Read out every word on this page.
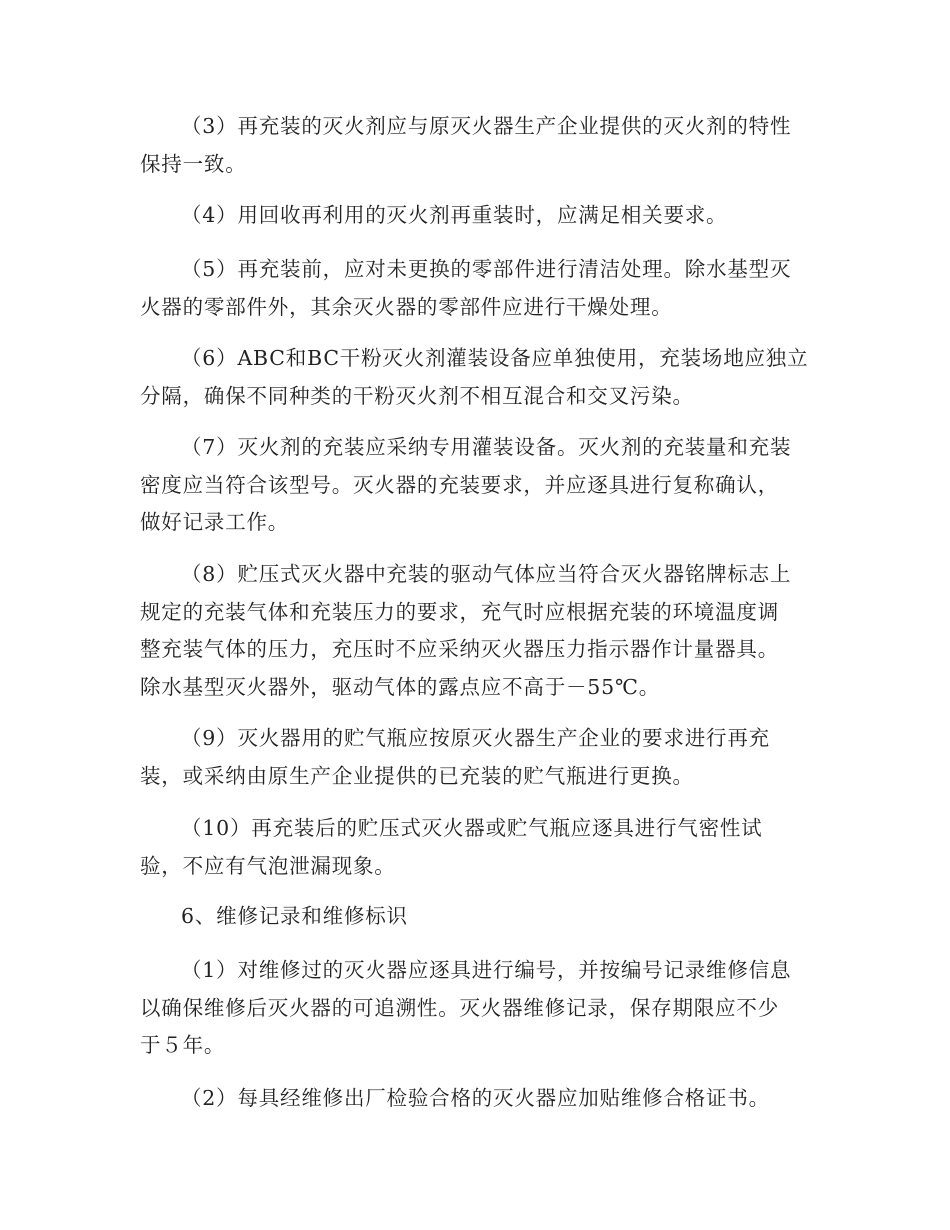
（3）再充装的灭火剂应与原灭火器生产企业提供的灭火剂的特性
保持一致。
（4）用回收再利用的灭火剂再重装时，应满足相关要求。
（5）再充装前，应对未更换的零部件进行清洁处理。除水基型灭
火器的零部件外，其余灭火器的零部件应进行干燥处理。
（6）ABC和BC干粉灭火剂灌装设备应单独使用，充装场地应独立
分隔，确保不同种类的干粉灭火剂不相互混合和交叉污染。
（7）灭火剂的充装应采纳专用灌装设备。灭火剂的充装量和充装
密度应当符合该型号。灭火器的充装要求，并应逐具进行复称确认，
做好记录工作。
（8）贮压式灭火器中充装的驱动气体应当符合灭火器铭牌标志上
规定的充装气体和充装压力的要求，充气时应根据充装的环境温度调
整充装气体的压力，充压时不应采纳灭火器压力指示器作计量器具。
除水基型灭火器外，驱动气体的露点应不高于－55℃。
（9）灭火器用的贮气瓶应按原灭火器生产企业的要求进行再充
装，或采纳由原生产企业提供的已充装的贮气瓶进行更换。
（10）再充装后的贮压式灭火器或贮气瓶应逐具进行气密性试
验，不应有气泡泄漏现象。
6、维修记录和维修标识
（1）对维修过的灭火器应逐具进行编号，并按编号记录维修信息
以确保维修后灭火器的可追溯性。灭火器维修记录，保存期限应不少
于５年。
（2）每具经维修出厂检验合格的灭火器应加贴维修合格证书。
